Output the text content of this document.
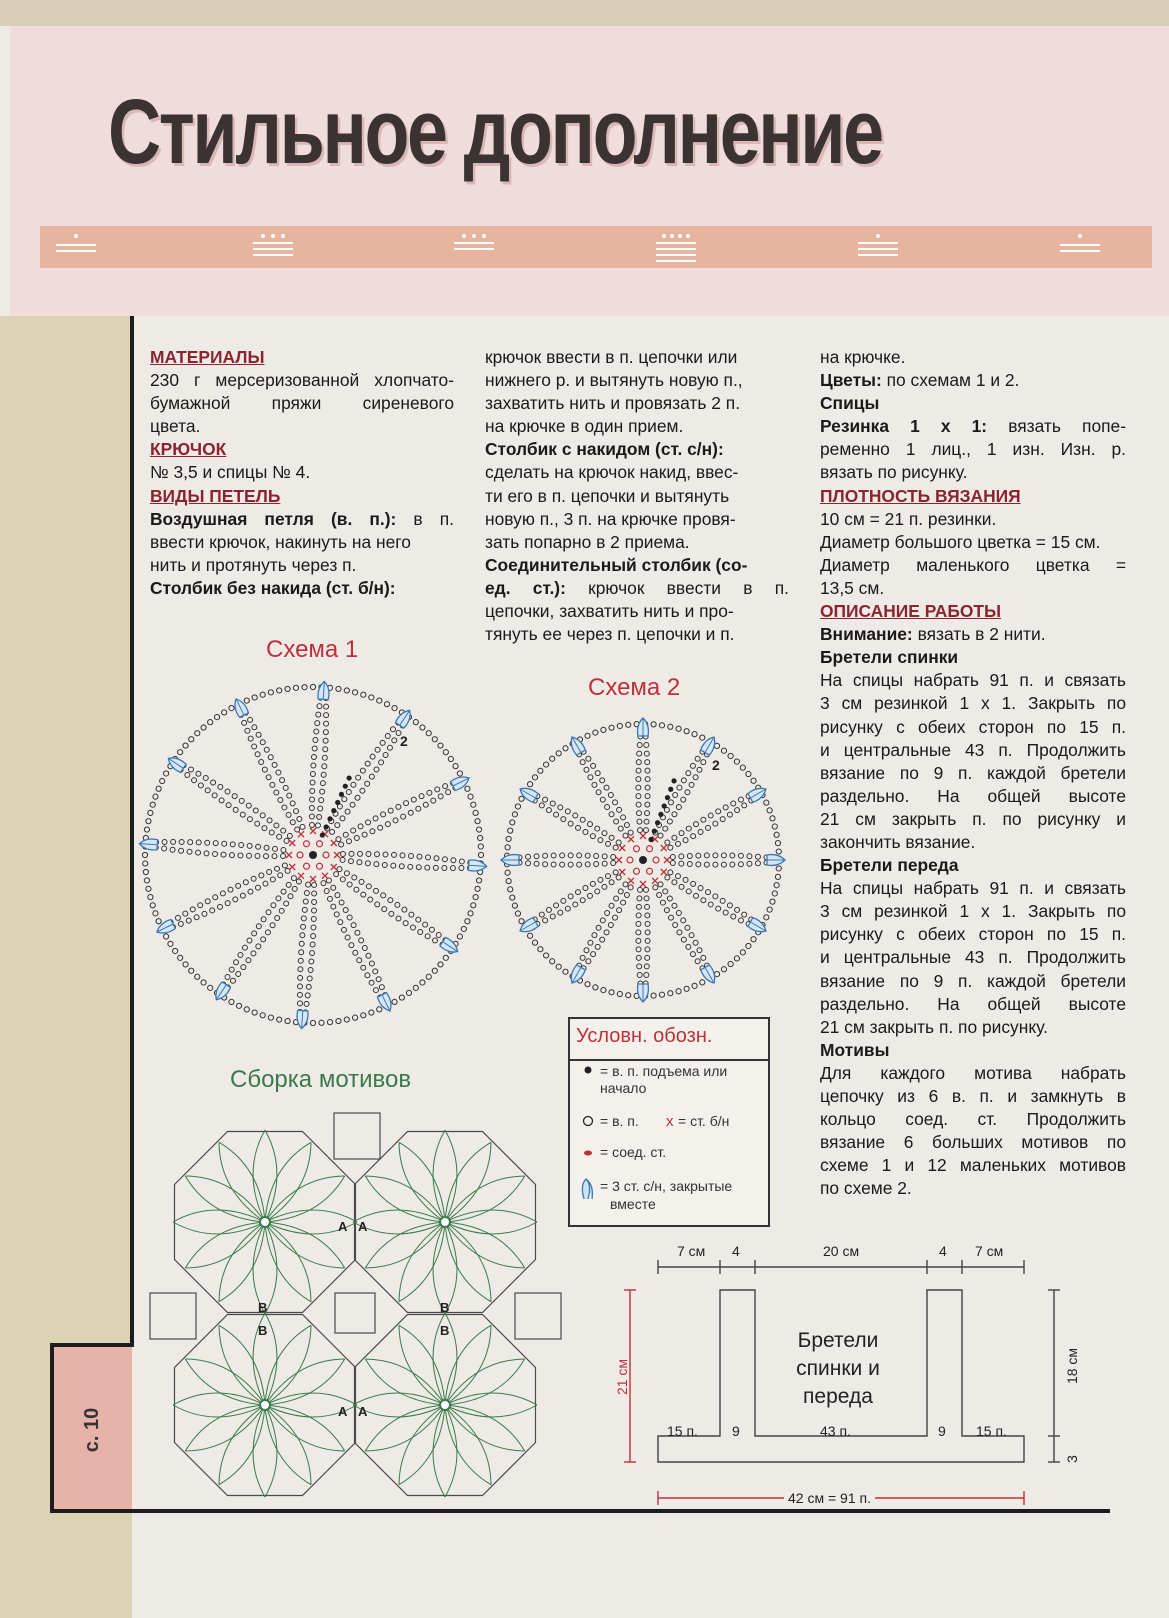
Стильное дополнение
с. 10

МАТЕРИАЛЫ

230 г мерсеризованной хлопчато-

бумажной пряжи сиреневого

цвета.

КРЮЧОК

№ 3,5 и спицы № 4.

ВИДЫ ПЕТЕЛЬ

Воздушная петля (в. п.): в п.

ввести крючок, накинуть на него

нить и протянуть через п.

Столбик без накида (ст. б/н):

крючок ввести в п. цепочки или

нижнего р. и вытянуть новую п.,

захватить нить и провязать 2 п.

на крючке в один прием.

Столбик с накидом (ст. с/н):

сделать на крючок накид, ввес-

ти его в п. цепочки и вытянуть

новую п., 3 п. на крючке провя-

зать попарно в 2 приема.

Соединительный столбик (со-

ед. ст.): крючок ввести в п.

цепочки, захватить нить и про-

тянуть ее через п. цепочки и п.

на крючке.

Цветы: по схемам 1 и 2.

Спицы

Резинка 1 х 1: вязать попе-

ременно 1 лиц., 1 изн. Изн. р.

вязать по рисунку.

ПЛОТНОСТЬ ВЯЗАНИЯ

10 см = 21 п. резинки.

Диаметр большого цветка = 15 см.

Диаметр маленького цветка =

13,5 см.

ОПИСАНИЕ РАБОТЫ

Внимание: вязать в 2 нити.

Бретели спинки

На спицы набрать 91 п. и связать

3 см резинкой 1 х 1. Закрыть по

рисунку с обеих сторон по 15 п.

и центральные 43 п. Продолжить

вязание по 9 п. каждой бретели

раздельно. На общей высоте

21 см закрыть п. по рисунку и

закончить вязание.

Бретели переда

На спицы набрать 91 п. и связать

3 см резинкой 1 х 1. Закрыть по

рисунку с обеих сторон по 15 п.

и центральные 43 п. Продолжить

вязание по 9 п. каждой бретели

раздельно. На общей высоте

21 см закрыть п. по рисунку.

Мотивы

Для каждого мотива набрать

цепочку из 6 в. п. и замкнуть в

кольцо соед. ст. Продолжить

вязание 6 больших мотивов по

схеме 1 и 12 маленьких мотивов

по схеме 2.

Схема 1
Схема 2
Сборка мотивов
2
2
А А
В
В
В
В
А А
Условн. обозн.
x
= в. п. подъема или
начало
= в. п.	= ст. б/н
= соед. ст.
= 3 ст. с/н, закрытые
вместе
7 см 4	20 см	4 7 см
15 п. 9	43 п.	9 15 п.
21 см	18 см
3
42 см = 91 п.
Бретели
спинки и
переда
